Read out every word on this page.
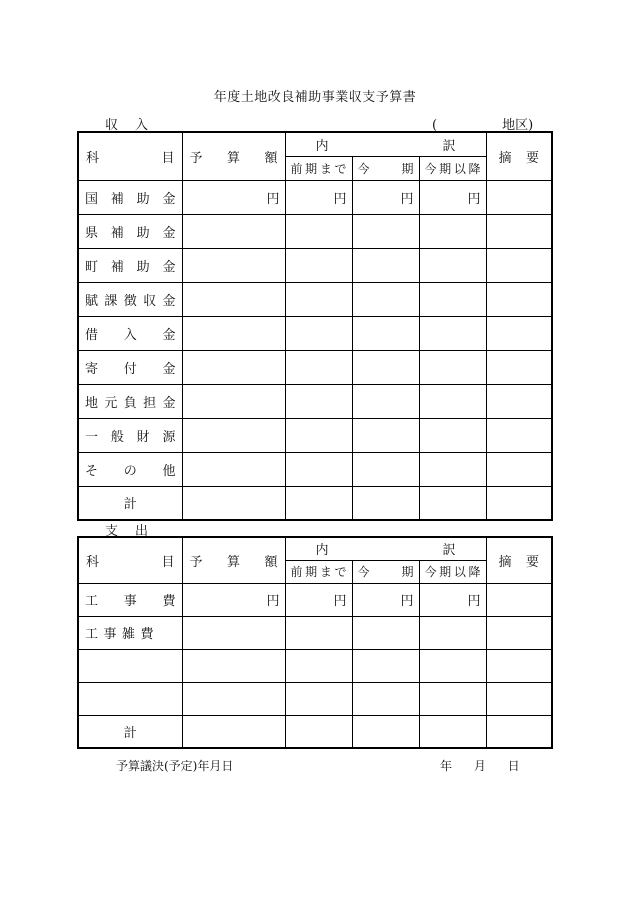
年度土地改良補助事業収支予算書
収　入	(　　　　　地区)
科目	予算額	内 訳			摘要
		前期まで	今期	今期以降	
国補助金	円	円	円	円	
県補助金					
町補助金					
賦課徴収金					
借入金					
寄付金					
地元負担金					
一般財源					
その他					
計					
支　出
科目	予算額	内 訳			摘要
		前期まで	今期	今期以降	
工事費	円	円	円	円	
工事雑費					

計					
予算議決(予定)年月日	年 月 日
